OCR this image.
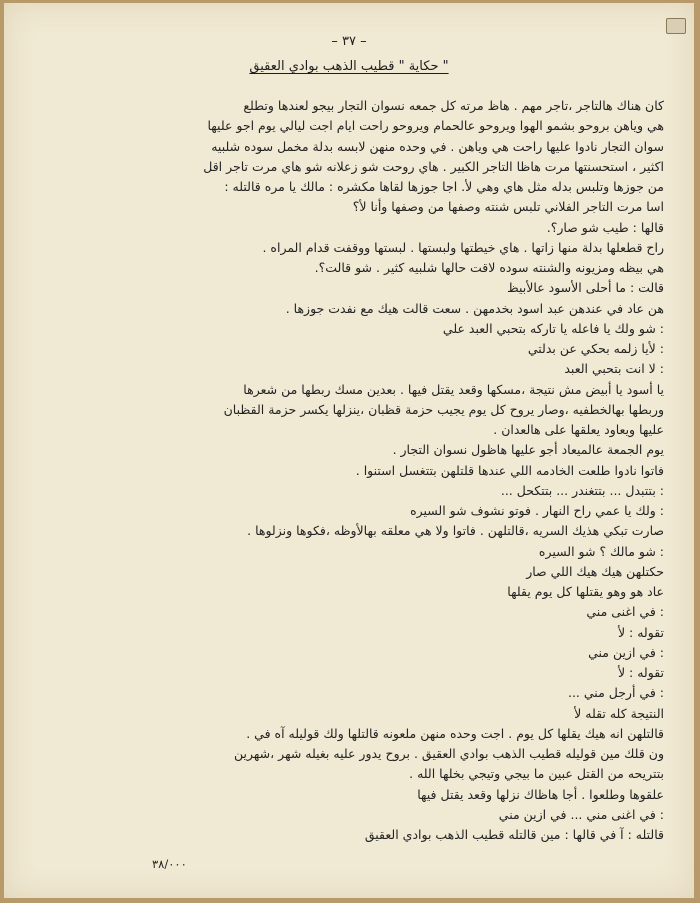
– ٣٧ –
حكاية " قطيب الذهب بوادي العقيق "
كان هناك هالتاجر ،تاجر مهم . هاظ مرته كل جمعه نسوان التجار بيجو لعندها وتطلع
هي وياهن بروحو بشمو الهوا ويروحو عالحمام ويروحو راحت ايام اجت ليالي يوم اجو عليها
سوان التجار نادوا عليها راحت هي وياهن . في وحده منهن لابسه بدلة مخمل سوده شلبيه
اكثير ، استحسنتها مرت هاظا التاجر الكبير . هاي روحت شو زعلانه شو هاي مرت تاجر اقل
من جوزها وتلبس بدله مثل هاي وهي لأ. اجا جوزها لقاها مكشره : مالك يا مره قالتله :
اسا مرت التاجر الفلاني تلبس شنته وصفها من وصفها وأنا لأ؟
قالها : طيب شو صار؟.
راح قطعلها بدلة منها زاتها . هاي خيطتها ولبستها . لبستها ووقفت قدام المراه .
هي بيظه ومزيونه والشنته سوده لاقت حالها شلبيه كثير . شو قالت؟.
قالت : ما أحلى الأسود عالأبيظ
هن عاد في عندهن عبد اسود بخدمهن . سعت قالت هيك مع نفدت جوزها .
: شو ولك يا فاعله يا تاركه بتحبي العبد علي
: لأيا زلمه بحكي عن بدلتي
: لا انت بتحبي العبد
يا أسود يا أبيض مش نتيجة ،مسكها وقعد يقتل فيها . بعدين مسك ربطها من شعرها
وربطها بهالخطفيه ،وصار يروح كل يوم يجيب حزمة قظبان ،ينزلها يكسر حزمة القظبان
عليها ويعاود يعلقها على هالعدان .
يوم الجمعة عالميعاد أجو عليها هاظول نسوان التجار .
فاتوا نادوا طلعت الخادمه اللي عندها قلتلهن بتتغسل استنوا .
: بتتبدل ... بتتغندر ... بتتكحل ...
: ولك يا عمي راح النهار . فوتو نشوف شو السيره
صارت تبكي هذيك السريه ،قالتلهن . فاتوا ولا هي معلقه بهالأوظه ،فكوها ونزلوها .
: شو مالك ؟ شو السيره
حكتلهن هيك هيك اللي صار
عاد هو وهو يقتلها كل يوم يقلها
: في اغنى مني
تقوله : لأ
: في ازين مني
تقوله : لأ
: في أرجل مني ...
النتيجة كله تقله لأ
قالتلهن انه هيك يقلها كل يوم . اجت وحده منهن ملعونه قالتلها ولك قوليله آه في .
ون قلك مين قوليله قطيب الذهب بوادي العقيق . بروح يدور عليه بغيله شهر ،شهرين
بتتريحه من القتل عبين ما بيجي وتيجي بخلها الله .
علقوها وطلعوا . أجا هاظاك نزلها وقعد يقتل فيها
: في اغنى مني ... في ازين مني
قالتله : آ في قالها : مين قالتله قطيب الذهب بوادي العقيق
٣٨/٠٠٠
